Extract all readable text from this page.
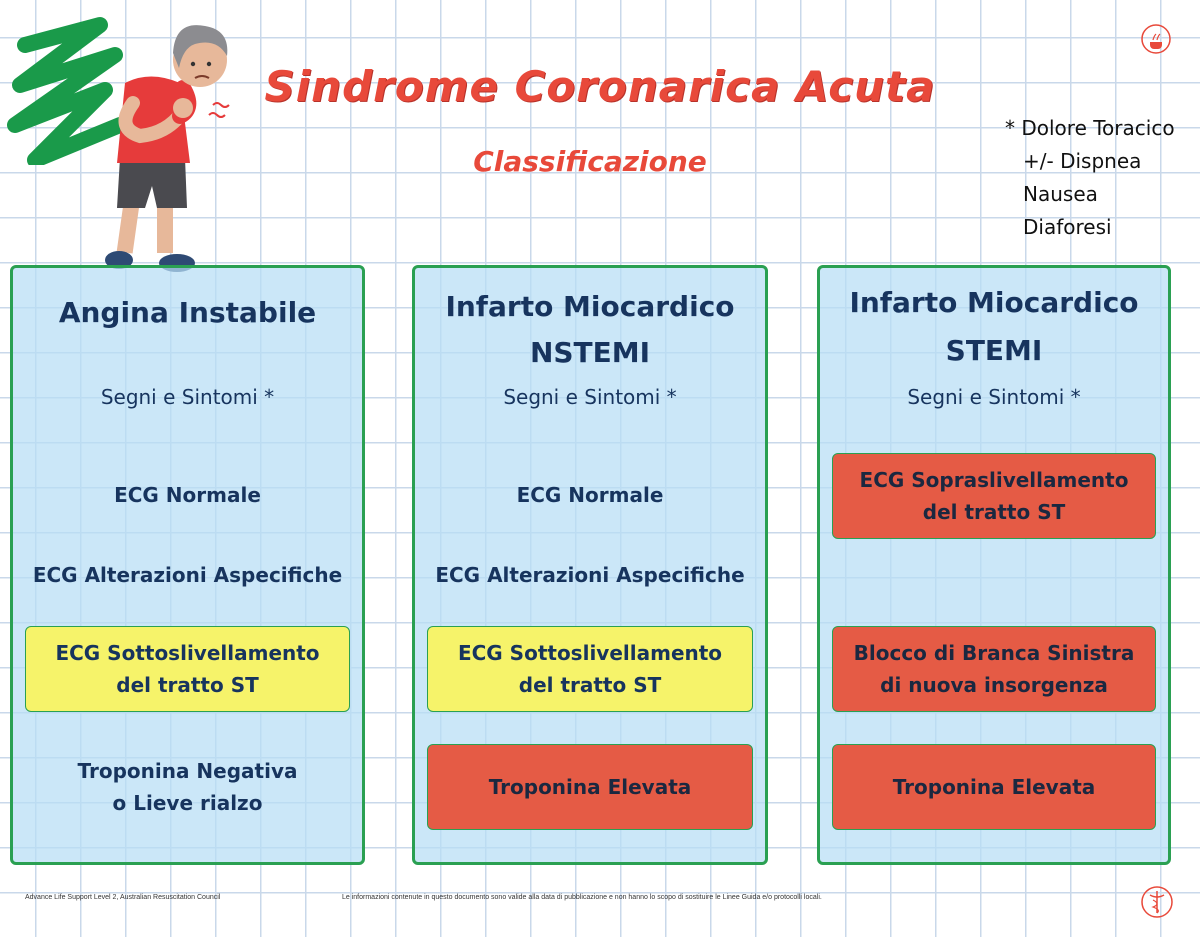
Sindrome Coronarica Acuta
Classificazione
* Dolore Toracico
+/- Dispnea
Nausea
Diaforesi
Angina Instabile
Segni e Sintomi *
ECG Normale
ECG Alterazioni Aspecifiche
ECG Sottoslivellamento
del tratto ST
Troponina Negativa
o Lieve rialzo
Infarto Miocardico
NSTEMI
Segni e Sintomi *
ECG Normale
ECG Alterazioni Aspecifiche
ECG Sottoslivellamento
del tratto ST
Troponina Elevata
Infarto Miocardico
STEMI
Segni e Sintomi *
ECG Sopraslivellamento
del tratto ST
Blocco di Branca Sinistra
di nuova insorgenza
Troponina Elevata
Advance Life Support Level 2, Australian Resuscitation Council	Le informazioni contenute in questo documento sono valide alla data di pubblicazione e non hanno lo scopo di sostituire le Linee Guida e/o protocolli locali.
